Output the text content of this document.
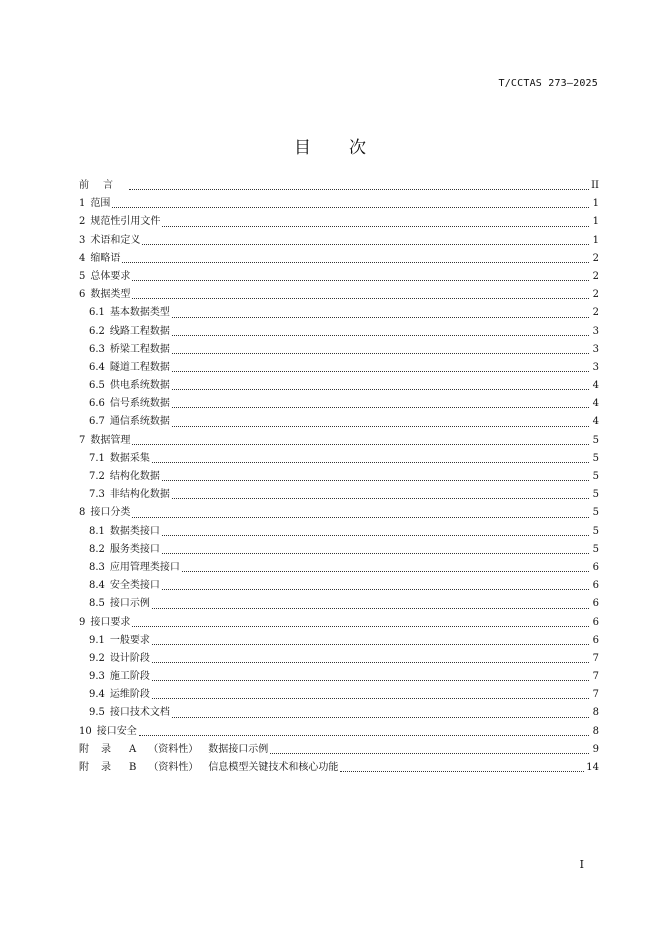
T/CCTAS 273—2025
目 次
前言	II
1 范围	1
2 规范性引用文件	1
3 术语和定义	1
4 缩略语	2
5 总体要求	2
6 数据类型	2
6.1 基本数据类型	2
6.2 线路工程数据	3
6.3 桥梁工程数据	3
6.4 隧道工程数据	3
6.5 供电系统数据	4
6.6 信号系统数据	4
6.7 通信系统数据	4
7 数据管理	5
7.1 数据采集	5
7.2 结构化数据	5
7.3 非结构化数据	5
8 接口分类	5
8.1 数据类接口	5
8.2 服务类接口	5
8.3 应用管理类接口	6
8.4 安全类接口	6
8.5 接口示例	6
9 接口要求	6
9.1 一般要求	6
9.2 设计阶段	7
9.3 施工阶段	7
9.4 运维阶段	7
9.5 接口技术文档	8
10 接口安全	8
附录 A （资料性） 数据接口示例	9
附录 B （资料性） 信息模型关键技术和核心功能	14
I
